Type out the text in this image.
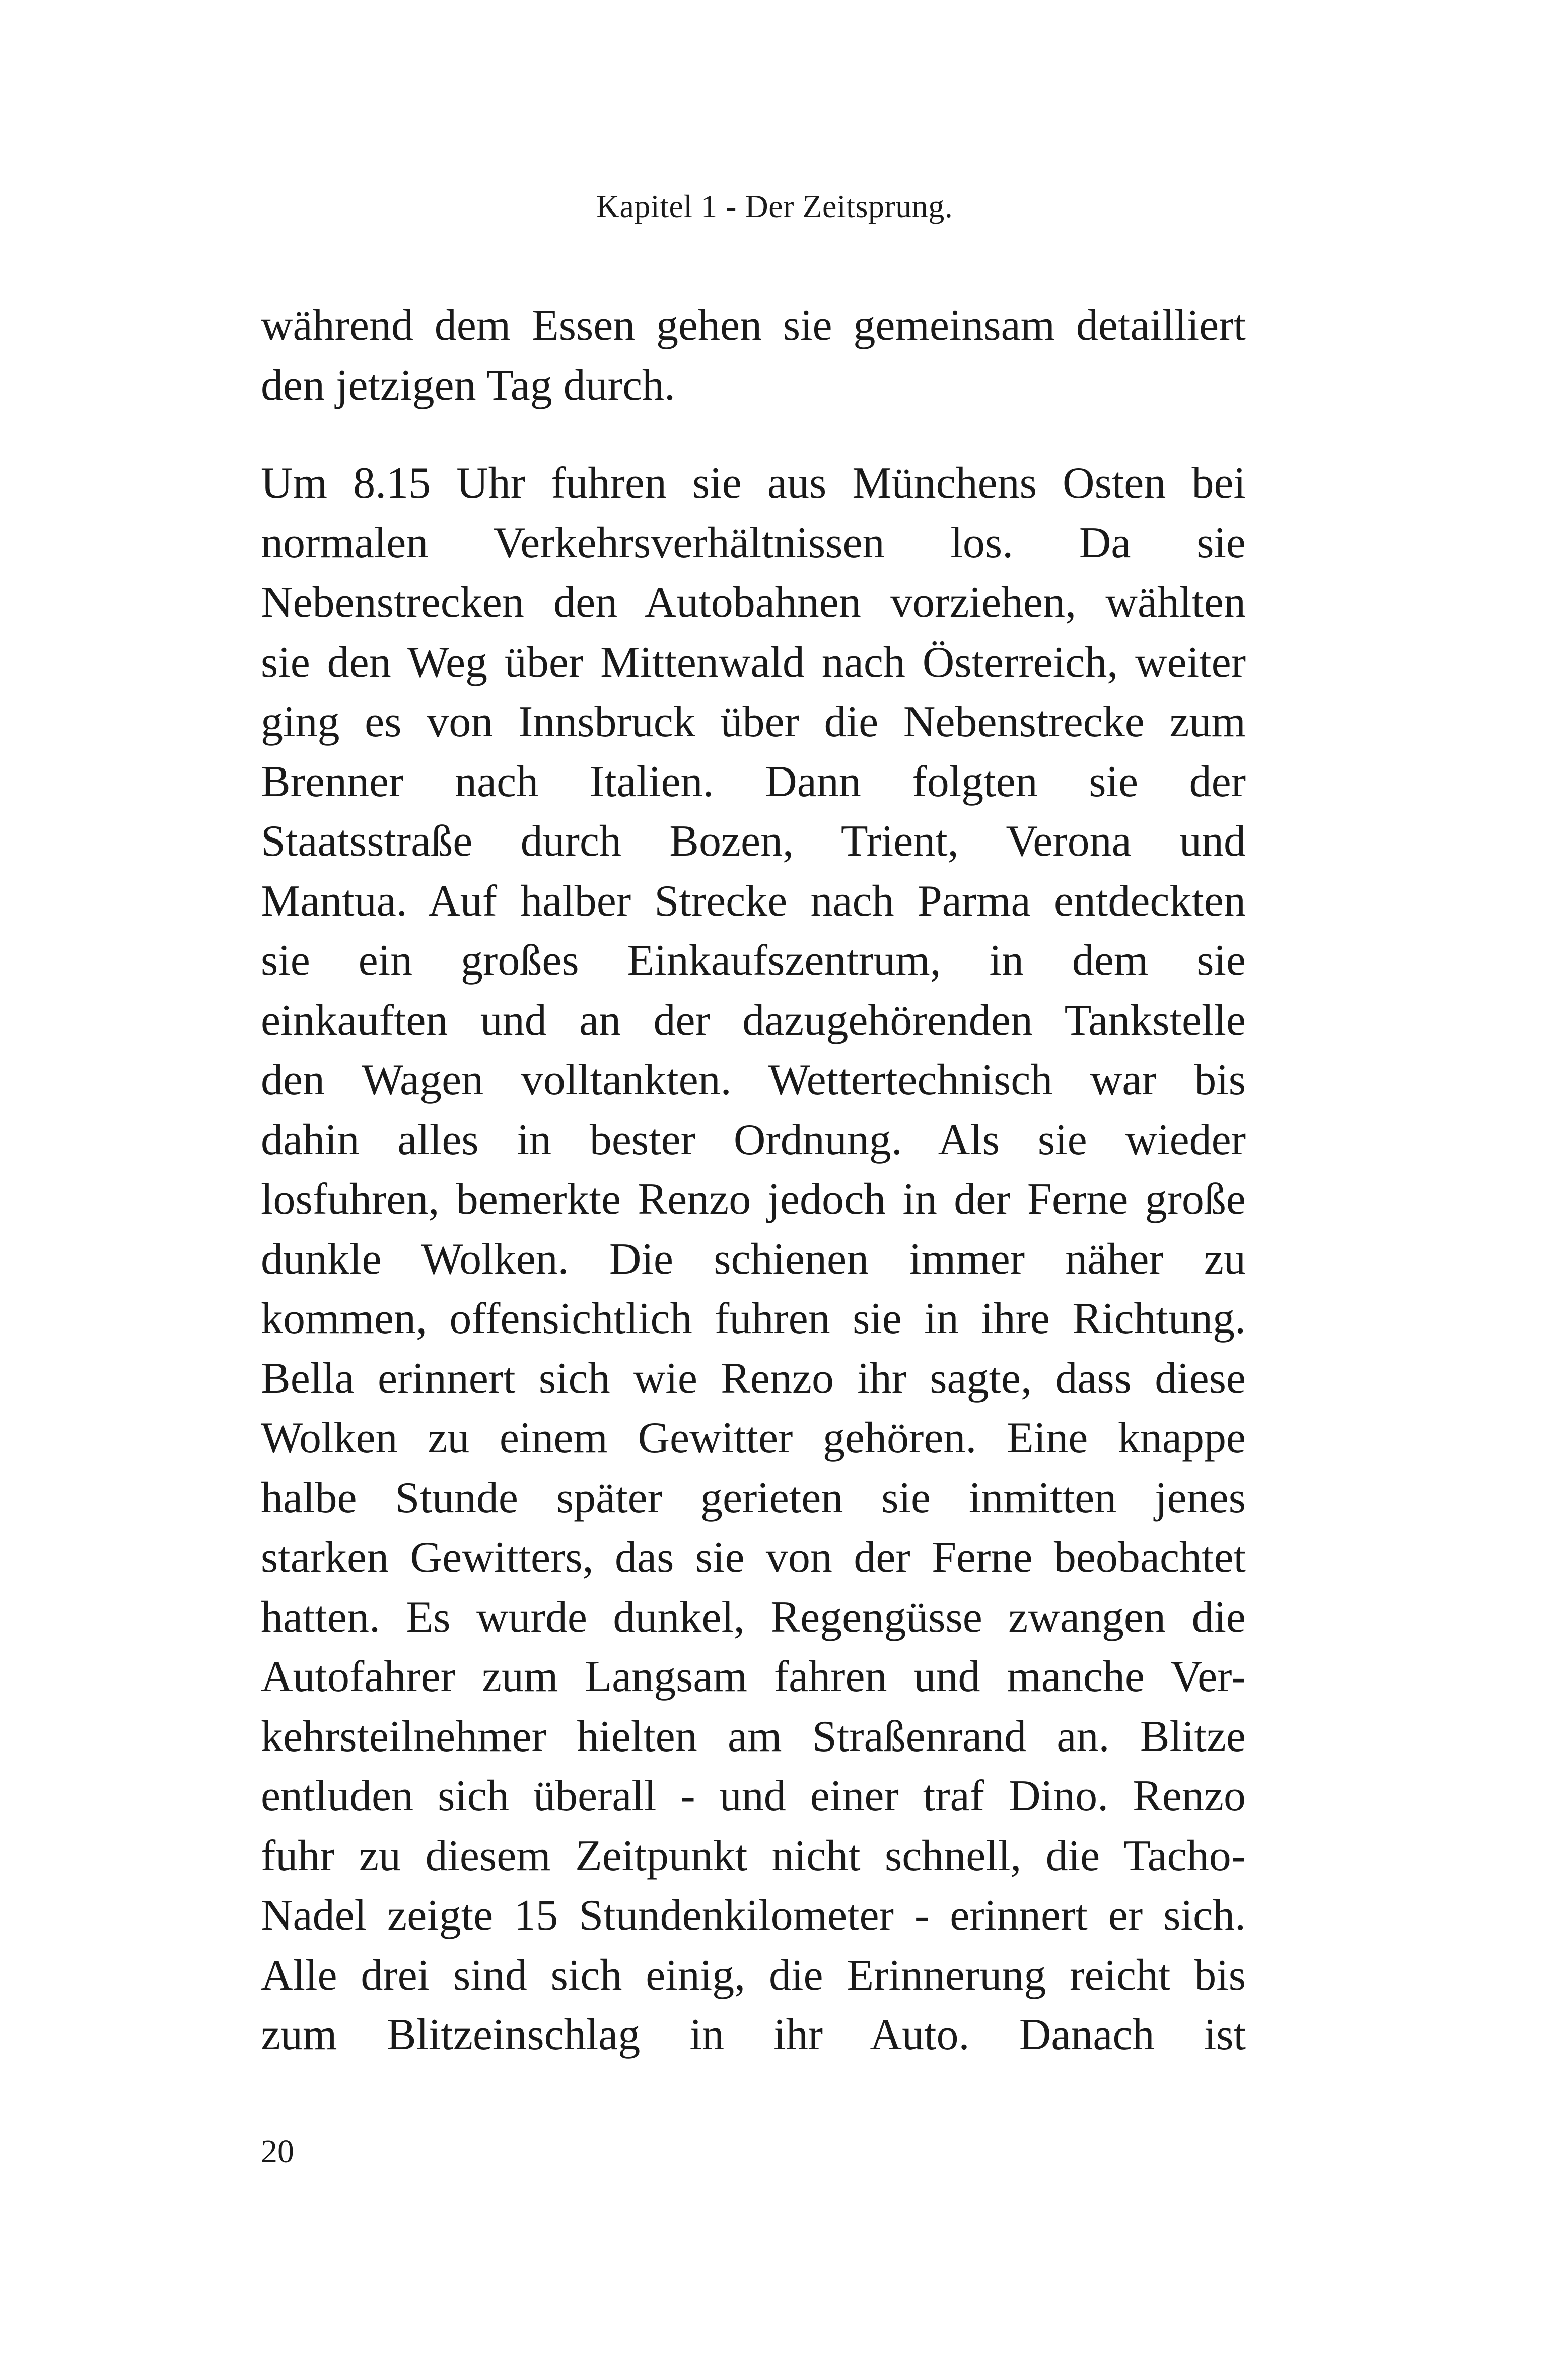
Kapitel 1 - Der Zeitsprung.
während dem Essen gehen sie gemeinsam detailliert
den jetzigen Tag durch.
Um 8.15 Uhr fuhren sie aus Münchens Osten bei
normalen Verkehrsverhältnissen los. Da sie
Nebenstrecken den Autobahnen vorziehen, wählten
sie den Weg über Mittenwald nach Österreich, weiter
ging es von Innsbruck über die Nebenstrecke zum
Brenner nach Italien. Dann folgten sie der
Staatsstraße durch Bozen, Trient, Verona und
Mantua. Auf halber Strecke nach Parma entdeckten
sie ein großes Einkaufszentrum, in dem sie
einkauften und an der dazugehörenden Tankstelle
den Wagen volltankten. Wettertechnisch war bis
dahin alles in bester Ordnung. Als sie wieder
losfuhren, bemerkte Renzo jedoch in der Ferne große
dunkle Wolken. Die schienen immer näher zu
kommen, offensichtlich fuhren sie in ihre Richtung.
Bella erinnert sich wie Renzo ihr sagte, dass diese
Wolken zu einem Gewitter gehören. Eine knappe
halbe Stunde später gerieten sie inmitten jenes
starken Gewitters, das sie von der Ferne beobachtet
hatten. Es wurde dunkel, Regengüsse zwangen die
Autofahrer zum Langsam fahren und manche Ver-
kehrsteilnehmer hielten am Straßenrand an. Blitze
entluden sich überall - und einer traf Dino. Renzo
fuhr zu diesem Zeitpunkt nicht schnell, die Tacho-
Nadel zeigte 15 Stundenkilometer - erinnert er sich.
Alle drei sind sich einig, die Erinnerung reicht bis
zum Blitzeinschlag in ihr Auto. Danach ist
20
